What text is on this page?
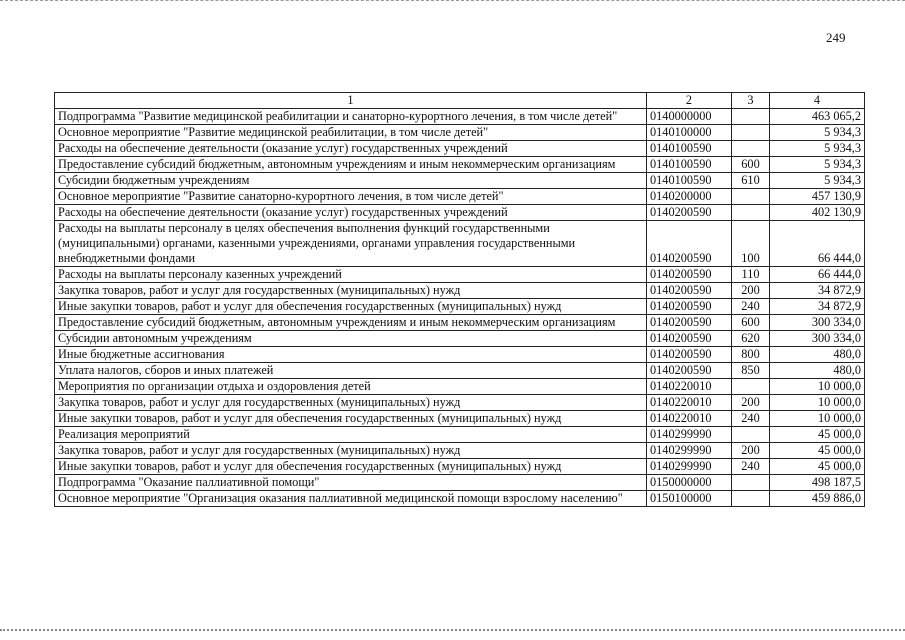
249
1	2	3	4
Подпрограмма "Развитие медицинской реабилитации и санаторно-курортного лечения, в том числе детей"	0140000000		463 065,2
Основное мероприятие "Развитие медицинской реабилитации, в том числе детей"	0140100000		5 934,3
Расходы на обеспечение деятельности (оказание услуг) государственных учреждений	0140100590		5 934,3
Предоставление субсидий бюджетным, автономным учреждениям и иным некоммерческим организациям	0140100590	600	5 934,3
Субсидии бюджетным учреждениям	0140100590	610	5 934,3
Основное мероприятие "Развитие санаторно-курортного лечения, в том числе детей"	0140200000		457 130,9
Расходы на обеспечение деятельности (оказание услуг) государственных учреждений	0140200590		402 130,9
Расходы на выплаты персоналу в целях обеспечения выполнения функций государственными (муниципальными) органами, казенными учреждениями, органами управления государственными внебюджетными фондами	0140200590	100	66 444,0
Расходы на выплаты персоналу казенных учреждений	0140200590	110	66 444,0
Закупка товаров, работ и услуг для государственных (муниципальных) нужд	0140200590	200	34 872,9
Иные закупки товаров, работ и услуг для обеспечения государственных (муниципальных) нужд	0140200590	240	34 872,9
Предоставление субсидий бюджетным, автономным учреждениям и иным некоммерческим организациям	0140200590	600	300 334,0
Субсидии автономным учреждениям	0140200590	620	300 334,0
Иные бюджетные ассигнования	0140200590	800	480,0
Уплата налогов, сборов и иных платежей	0140200590	850	480,0
Мероприятия по организации отдыха и оздоровления детей	0140220010		10 000,0
Закупка товаров, работ и услуг для государственных (муниципальных) нужд	0140220010	200	10 000,0
Иные закупки товаров, работ и услуг для обеспечения государственных (муниципальных) нужд	0140220010	240	10 000,0
Реализация мероприятий	0140299990		45 000,0
Закупка товаров, работ и услуг для государственных (муниципальных) нужд	0140299990	200	45 000,0
Иные закупки товаров, работ и услуг для обеспечения государственных (муниципальных) нужд	0140299990	240	45 000,0
Подпрограмма "Оказание паллиативной помощи"	0150000000		498 187,5
Основное мероприятие "Организация оказания паллиативной медицинской помощи взрослому населению"	0150100000		459 886,0
